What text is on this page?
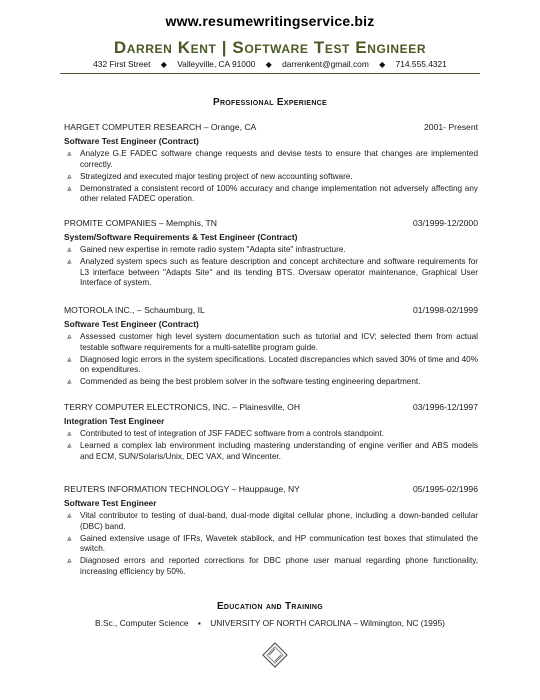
www.resumewritingservice.biz
Darren Kent | Software Test Engineer
432 First Street ◆ Valleyville, CA 91000 ◆ darrenkent@gmail.com ◆ 714.555.4321
Professional Experience
HARGET COMPUTER RESEARCH – Orange, CA	2001- Present
Software Test Engineer (Contract)
⩓ Analyze G.E FADEC software change requests and devise tests to ensure that changes are implemented correctly.
⩓ Strategized and executed major testing project of new accounting software.
⩓ Demonstrated a consistent record of 100% accuracy and change implementation not adversely affecting any other related FADEC operation.
PROMITE COMPANIES – Memphis, TN	03/1999-12/2000
System/Software Requirements & Test Engineer (Contract)
⩓ Gained new expertise in remote radio system "Adapta site" infrastructure.
⩓ Analyzed system specs such as feature description and concept architecture and software requirements for L3 interface between "Adapts Site" and its tending BTS. Oversaw operator maintenance, Graphical User Interface of system.
MOTOROLA INC., – Schaumburg, IL	01/1998-02/1999
Software Test Engineer (Contract)
⩓ Assessed customer high level system documentation such as tutorial and ICV; selected them from actual testable software requirements for a multi-satellite program guide.
⩓ Diagnosed logic errors in the system specifications. Located discrepancies which saved 30% of time and 40% on expenditures.
⩓ Commended as being the best problem solver in the software testing engineering department.
TERRY COMPUTER ELECTRONICS, INC. – Plainesville, OH	03/1996-12/1997
Integration Test Engineer
⩓ Contributed to test of integration of JSF FADEC software from a controls standpoint.
⩓ Learned a complex lab environment including mastering understanding of engine verifier and ABS models and ECM, SUN/Solaris/Unix, DEC VAX, and Wincenter.
REUTERS INFORMATION TECHNOLOGY – Hauppauge, NY	05/1995-02/1996
Software Test Engineer
⩓ Vital contributor to testing of dual-band, dual-mode digital cellular phone, including a down-banded cellular (DBC) band.
⩓ Gained extensive usage of IFRs, Wavetek stabilock, and HP communication test boxes that stimulated the switch.
⩓ Diagnosed errors and reported corrections for DBC phone user manual regarding phone functionality, increasing efficiency by 50%.
Education and Training
B.Sc., Computer Science ▪ UNIVERSITY OF NORTH CAROLINA – Wilmington, NC (1995)
